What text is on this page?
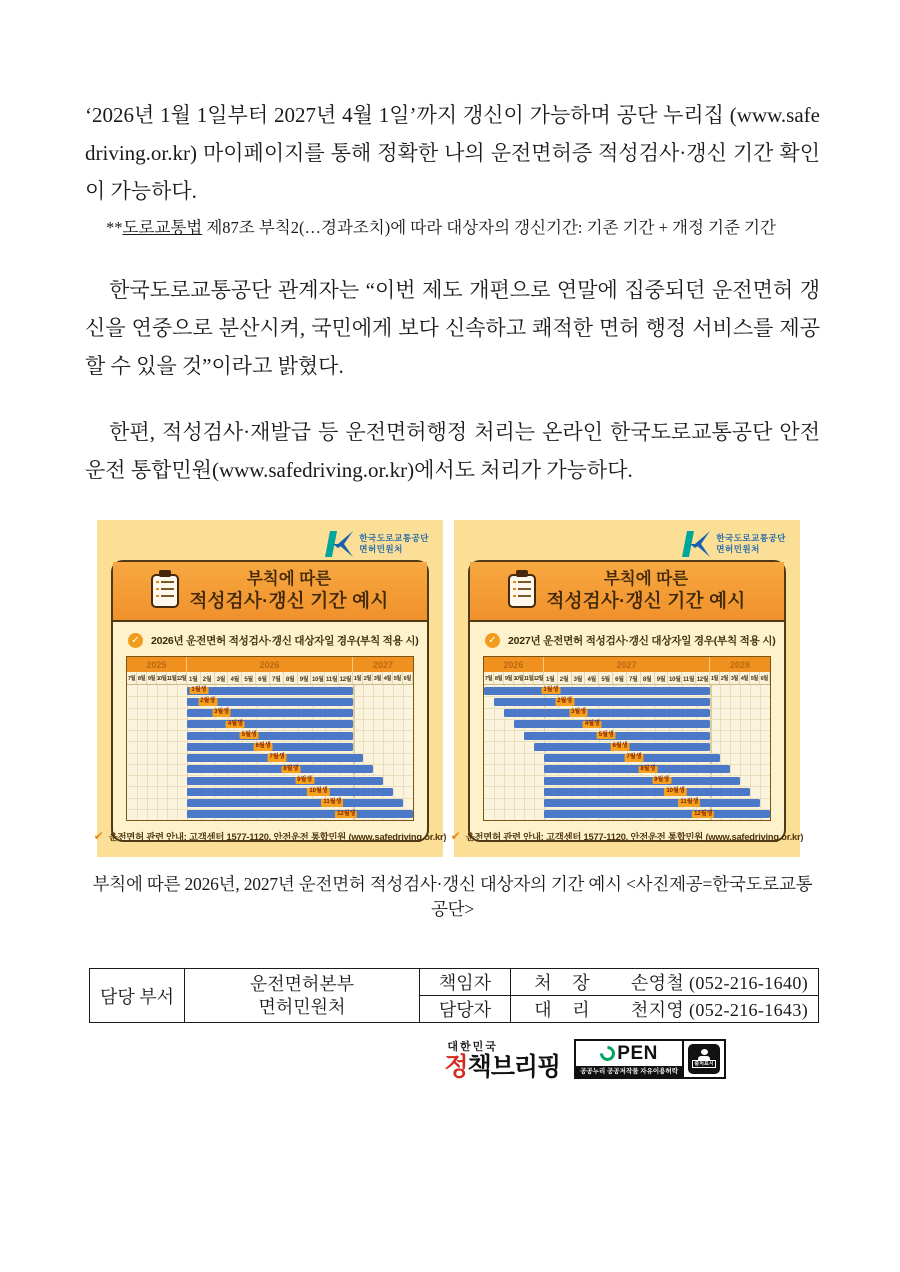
‘2026년 1월 1일부터 2027년 4월 1일’까지 갱신이 가능하며 공단 누리집 (www.safedriving.or.kr) 마이페이지를 통해 정확한 나의 운전면허증 적성검사·갱신 기간 확인이 가능하다.

**도로교통법 제87조 부칙2(…경과조치)에 따라 대상자의 갱신기간: 기존 기간 + 개정 기준 기간

한국도로교통공단 관계자는 “이번 제도 개편으로 연말에 집중되던 운전면허 갱신을 연중으로 분산시켜, 국민에게 보다 신속하고 쾌적한 면허 행정 서비스를 제공할 수 있을 것”이라고 밝혔다.

한편, 적성검사·재발급 등 운전면허행정 처리는 온라인 한국도로교통공단 안전운전 통합민원(www.safedriving.or.kr)에서도 처리가 가능하다.

한국도로교통공단
면허민원처
부칙에 따른
적성검사·갱신 기간 예시
✓	2026년 운전면허 적성검사·갱신 대상자일 경우(부칙 적용 시)
2025	2026	2027
7월 8월 9월 10월 11월 12월 1월 2월 3월 4월 5월 6월 7월 8월 9월 10월 11월 12월 1월 2월 3월 4월 5월 6월
1월생
2월생
3월생
4월생
5월생
6월생
7월생
8월생
9월생
10월생
11월생
12월생
✔ 운전면허 관련 안내: 고객센터 1577-1120, 안전운전 통합민원 (www.safedriving.or.kr)
한국도로교통공단
면허민원처
부칙에 따른
적성검사·갱신 기간 예시
✓	2027년 운전면허 적성검사·갱신 대상자일 경우(부칙 적용 시)
2026	2027	2028
7월 8월 9월 10월 11월 12월 1월 2월 3월 4월 5월 6월 7월 8월 9월 10월 11월 12월 1월 2월 3월 4월 5월 6월
1월생
2월생
3월생
4월생
5월생
6월생
7월생
8월생
9월생
10월생
11월생
12월생
✔ 운전면허 관련 안내: 고객센터 1577-1120, 안전운전 통합민원 (www.safedriving.or.kr)
부칙에 따른 2026년, 2027년 운전면허 적성검사·갱신 대상자의 기간 예시 <사진제공=한국도로교통공단>
담당 부서	
운전면허본부
면허민원처
	책임자	처 장	손영철 (052-216-1640)

		담당자	대 리 천지영 (052-216-1643)
대한민국
정책브리핑	PEN
공공누리 공공저작물 자유이용허락
출처표시
